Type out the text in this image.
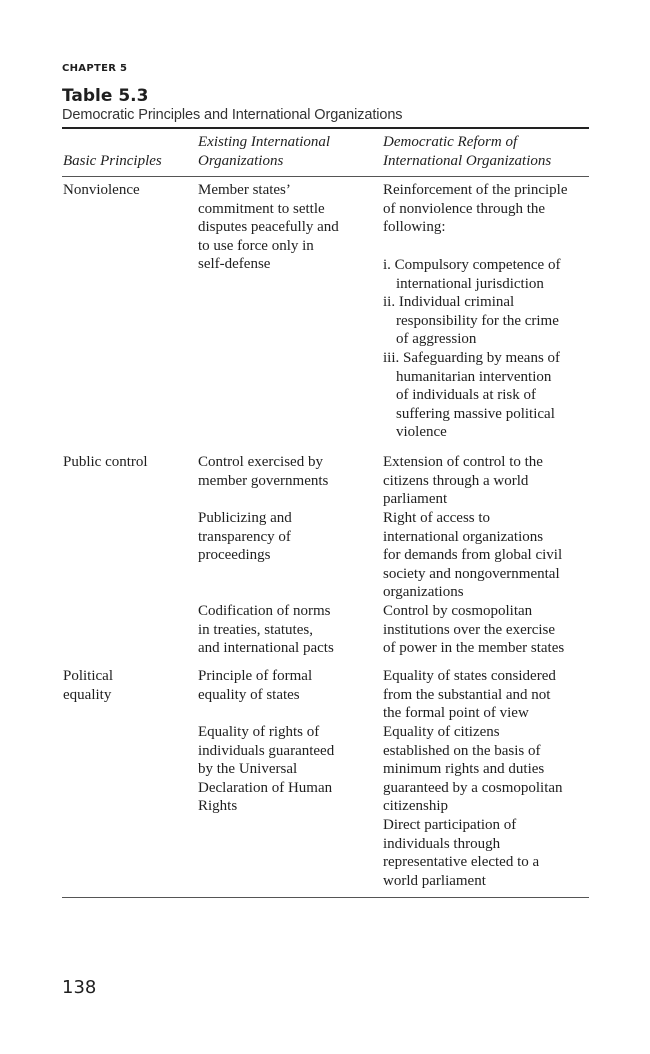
CHAPTER 5
Table 5.3
Democratic Principles and International Organizations
Basic Principles
Existing International
Organizations
Democratic Reform of
International Organizations
Nonviolence	Member states’
commitment to settle
disputes peacefully and
to use force only in
self-defense
Reinforcement of the principle
of nonviolence through the
following:
i. Compulsory competence of
international jurisdiction
ii. Individual criminal
responsibility for the crime
of aggression
iii. Safeguarding by means of
humanitarian intervention
of individuals at risk of
suffering massive political
violence
Public control	Control exercised by
member governments
Extension of control to the
citizens through a world
parliament
Publicizing and
transparency of
proceedings
Right of access to
international organizations
for demands from global civil
society and nongovernmental
organizations
Codification of norms
in treaties, statutes,
and international pacts
Control by cosmopolitan
institutions over the exercise
of power in the member states
Political
equality
Principle of formal
equality of states
Equality of states considered
from the substantial and not
the formal point of view
Equality of rights of
individuals guaranteed
by the Universal
Declaration of Human
Rights
Equality of citizens
established on the basis of
minimum rights and duties
guaranteed by a cosmopolitan
citizenship
Direct participation of
individuals through
representative elected to a
world parliament
138
